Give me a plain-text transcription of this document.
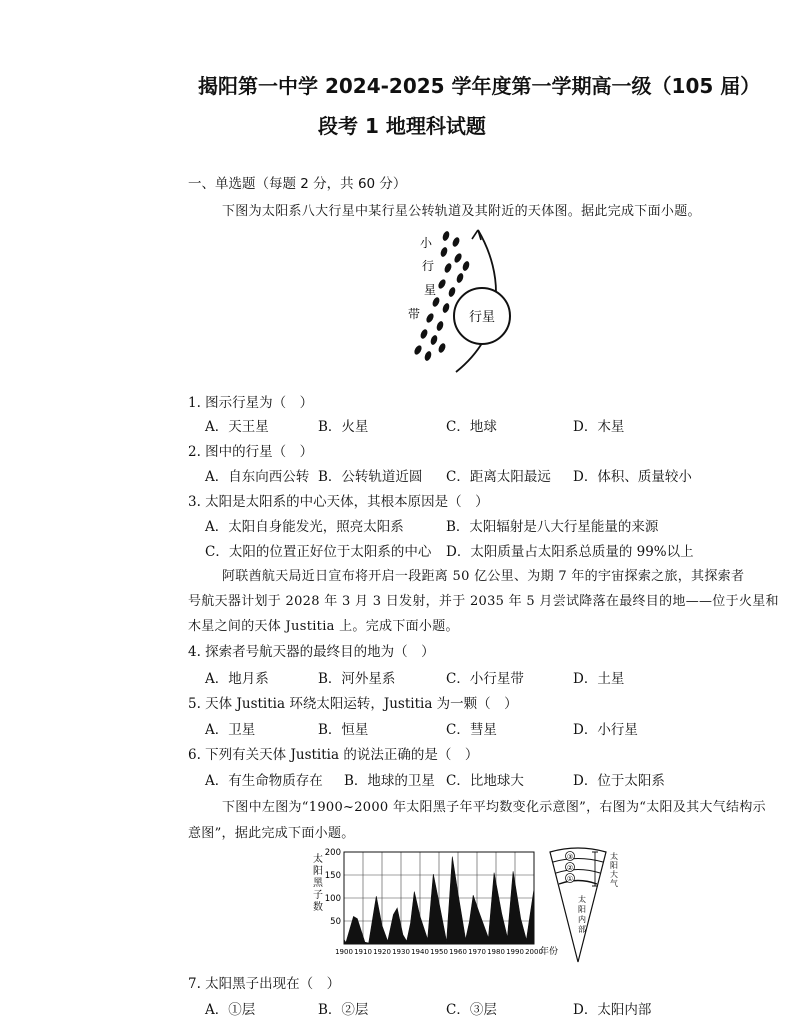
揭阳第一中学 2024-2025 学年度第一学期高一级（105 届）
段考 1 地理科试题
一、单选题（每题 2 分，共 60 分）
下图为太阳系八大行星中某行星公转轨道及其附近的天体图。据此完成下面小题。
行星
小
行
星
带
1. 图示行星为（　）
A．天王星	B．火星	C．地球	D．木星
2. 图中的行星（　）
A．自东向西公转 B．公转轨道近圆 C．距离太阳最远 D．体积、质量较小
3. 太阳是太阳系的中心天体，其根本原因是（　）
A．太阳自身能发光，照亮太阳系	B．太阳辐射是八大行星能量的来源
C．太阳的位置正好位于太阳系的中心 D．太阳质量占太阳系总质量的 99%以上
阿联酋航天局近日宣布将开启一段距离 50 亿公里、为期 7 年的宇宙探索之旅，其探索者
号航天器计划于 2028 年 3 月 3 日发射，并于 2035 年 5 月尝试降落在最终目的地——位于火星和
木星之间的天体 Justitia 上。完成下面小题。
4. 探索者号航天器的最终目的地为（　）
A．地月系	B．河外星系	C．小行星带	D．土星
5. 天体 Justitia 环绕太阳运转，Justitia 为一颗（　）
A．卫星	B．恒星	C．彗星	D．小行星
6. 下列有关天体 Justitia 的说法正确的是（　）
A．有生命物质存在 B．地球的卫星 C．比地球大	D．位于太阳系
下图中左图为“1900~2000 年太阳黑子年平均数变化示意图”，右图为“太阳及其大气结构示
意图”，据此完成下面小题。
太
阳
黑
子
数
50
100
150
200
1900 1910 1920 1930 1940 1950 1960 1970 1980 1990 2000
年份
③
②
①
太阳大气
太阳内部
7. 太阳黑子出现在（　）
A．①层	B．②层	C．③层	D．太阳内部
